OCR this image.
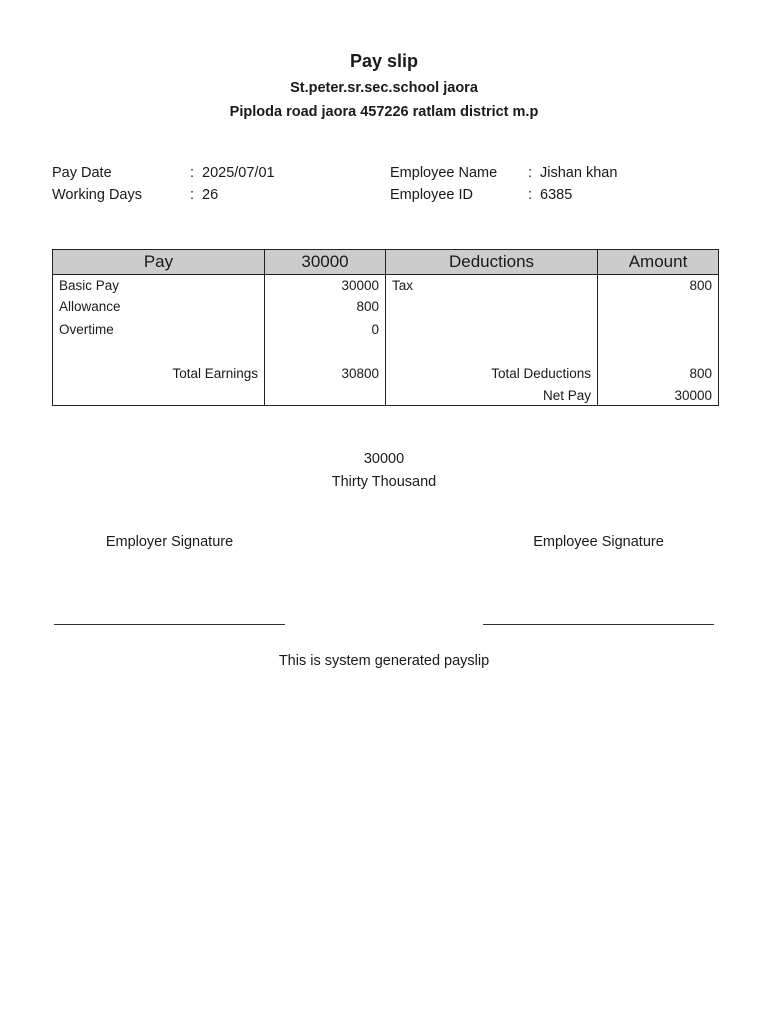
Pay slip
St.peter.sr.sec.school jaora
Piploda road jaora 457226 ratlam district m.p
Pay Date	: 2025/07/01
Working Days	: 26
Employee Name : Jishan khan
Employee ID	: 6385
Pay	30000	Deductions	Amount
Basic Pay	30000	Tax	800
Allowance	800		
Overtime	0		

Total Earnings	30800	Total Deductions	800
		Net Pay	30000
30000
Thirty Thousand
Employer Signature	Employee Signature
This is system generated payslip
